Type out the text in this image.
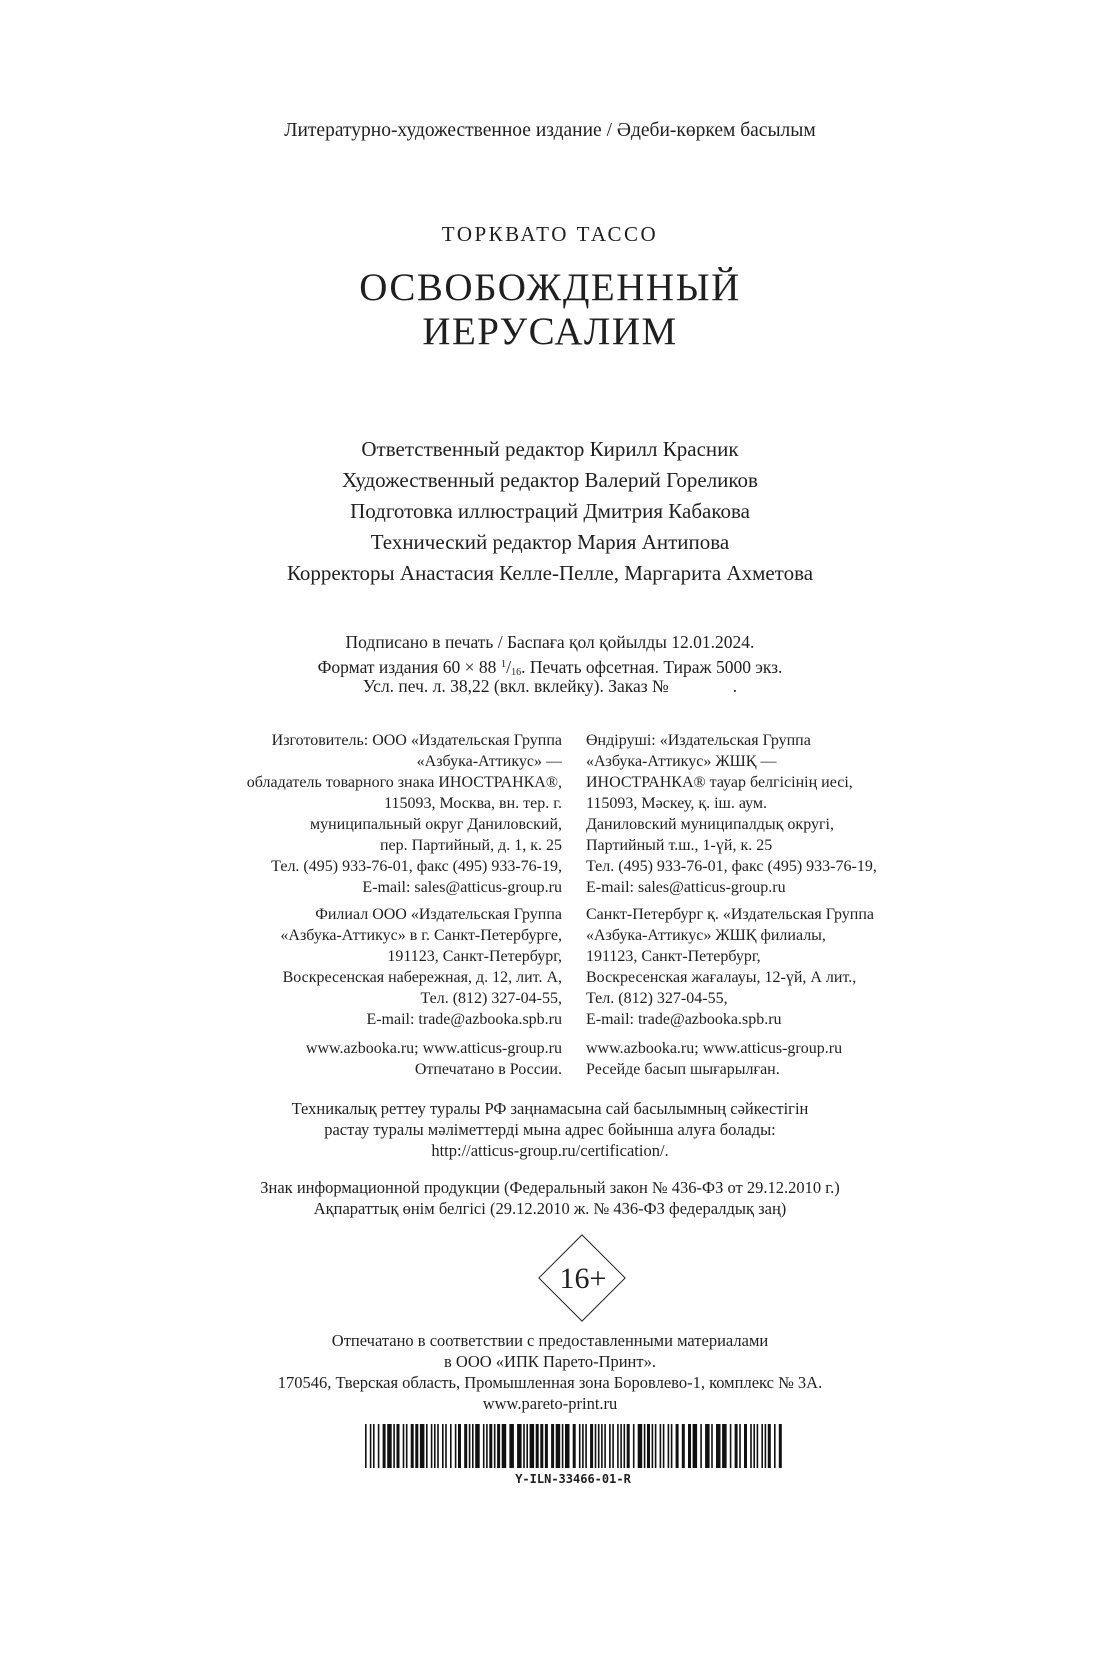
Литературно-художественное издание / Әдеби-көркем басылым
ТОРКВАТО ТАССО
ОСВОБОЖДЕННЫЙ
ИЕРУСАЛИМ
Ответственный редактор Кирилл Красник
Художественный редактор Валерий Гореликов
Подготовка иллюстраций Дмитрия Кабакова
Технический редактор Мария Антипова
Корректоры Анастасия Келле-Пелле, Маргарита Ахметова
Подписано в печать / Баспаға қол қойылды 12.01.2024.
Формат издания 60 × 88 $^1/_{16}$. Печать офсетная. Тираж 5000 экз.
Усл. печ. л. 38,22 (вкл. вклейку). Заказ №	.
Изготовитель: ООО «Издательская Группа
«Азбука-Аттикус» —
обладатель товарного знака ИНОСТРАНКА®,
115093, Москва, вн. тер. г.
муниципальный округ Даниловский,
пер. Партийный, д. 1, к. 25
Тел. (495) 933-76-01, факс (495) 933-76-19,
E-mail: sales@atticus-group.ru
Өндіруші: «Издательская Группа
«Азбука-Аттикус» ЖШҚ —
ИНОСТРАНКА® тауар белгісінің иесі,
115093, Мәскеу, қ. іш. аум.
Даниловский муниципалдық округі,
Партийный т.ш., 1-үй, к. 25
Тел. (495) 933-76-01, факс (495) 933-76-19,
E-mail: sales@atticus-group.ru
Филиал ООО «Издательская Группа
«Азбука-Аттикус» в г. Санкт-Петербурге,
191123, Санкт-Петербург,
Воскресенская набережная, д. 12, лит. А,
Тел. (812) 327-04-55,
E-mail: trade@azbooka.spb.ru
Санкт-Петербург қ. «Издательская Группа
«Азбука-Аттикус» ЖШҚ филиалы,
191123, Санкт-Петербург,
Воскресенская жағалауы, 12-үй, А лит.,
Тел. (812) 327-04-55,
E-mail: trade@azbooka.spb.ru
www.azbooka.ru; www.atticus-group.ru
Отпечатано в России.
www.azbooka.ru; www.atticus-group.ru
Ресейде басып шығарылған.
Техникалық реттеу туралы РФ заңнамасына сай басылымның сәйкестігін
растау туралы мәліметтерді мына адрес бойынша алуға болады:
http://atticus-group.ru/certification/.
Знак информационной продукции (Федеральный закон № 436-ФЗ от 29.12.2010 г.)
Ақпараттық өнім белгісі (29.12.2010 ж. № 436-ФЗ федералдық заң)
16+
Отпечатано в соответствии с предоставленными материалами
в ООО «ИПК Парето-Принт».
170546, Тверская область, Промышленная зона Боровлево-1, комплекс № 3А.
www.pareto-print.ru
Y-ILN-33466-01-R
